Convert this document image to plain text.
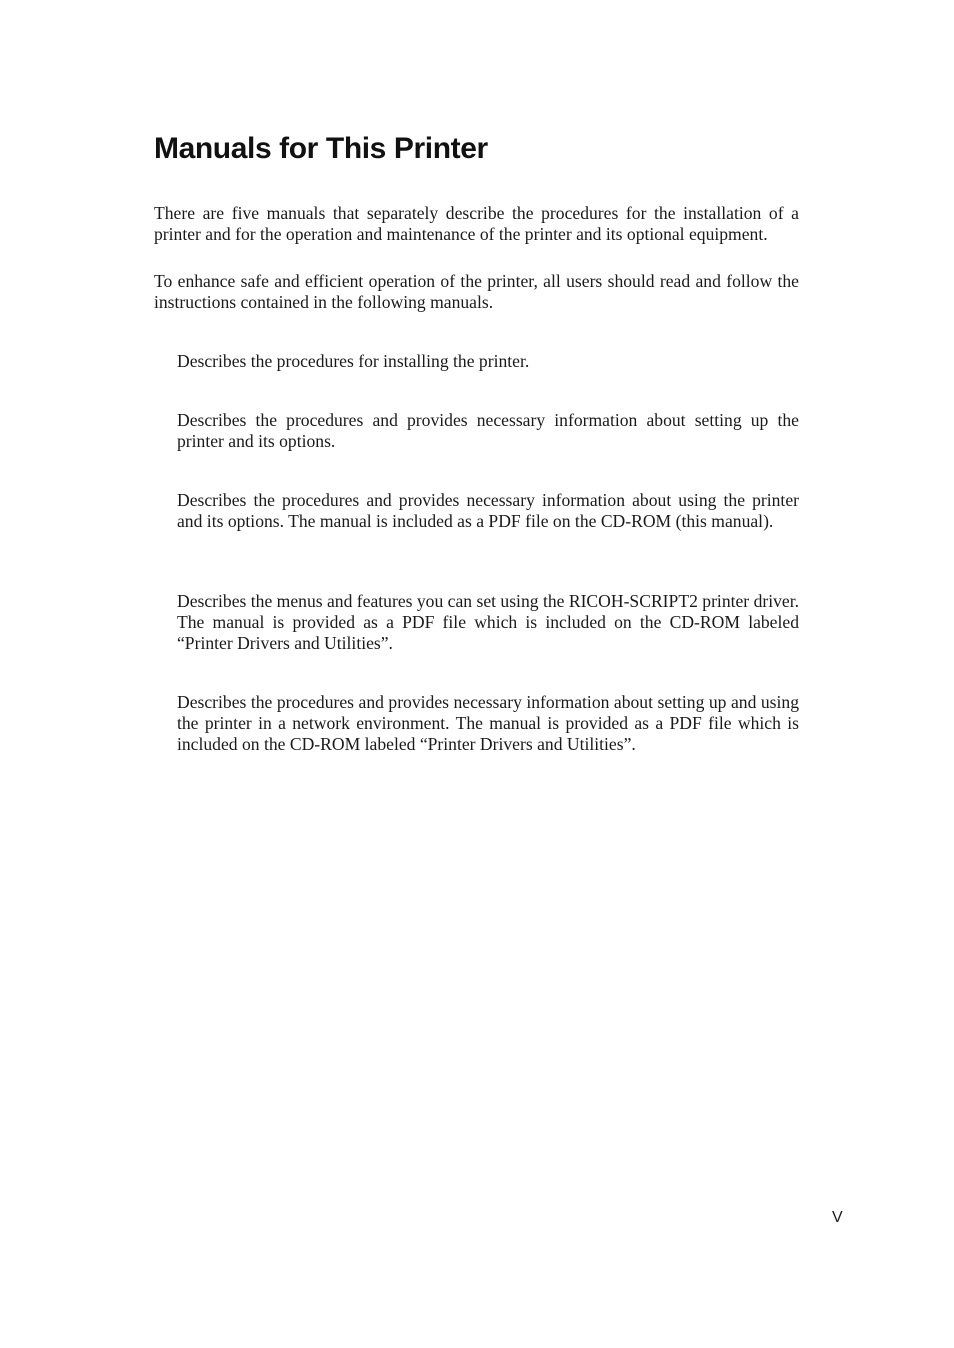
Manuals for This Printer

There are five manuals that separately describe the procedures for the installation of a printer and for the operation and maintenance of the printer and its optional equipment.

To enhance safe and efficient operation of the printer, all users should read and follow the instructions contained in the following manuals.

Describes the procedures for installing the printer.

Describes the procedures and provides necessary information about setting up the printer and its options.

Describes the procedures and provides necessary information about using the printer and its options. The manual is included as a PDF file on the CD-ROM (this manual).

Describes the menus and features you can set using the RICOH-SCRIPT2 printer driver. The manual is provided as a PDF file which is included on the CD-ROM labeled “Printer Drivers and Utilities”.

Describes the procedures and provides necessary information about setting up and using the printer in a network environment. The manual is provided as a PDF file which is included on the CD-ROM labeled “Printer Drivers and Utilities”.

V
